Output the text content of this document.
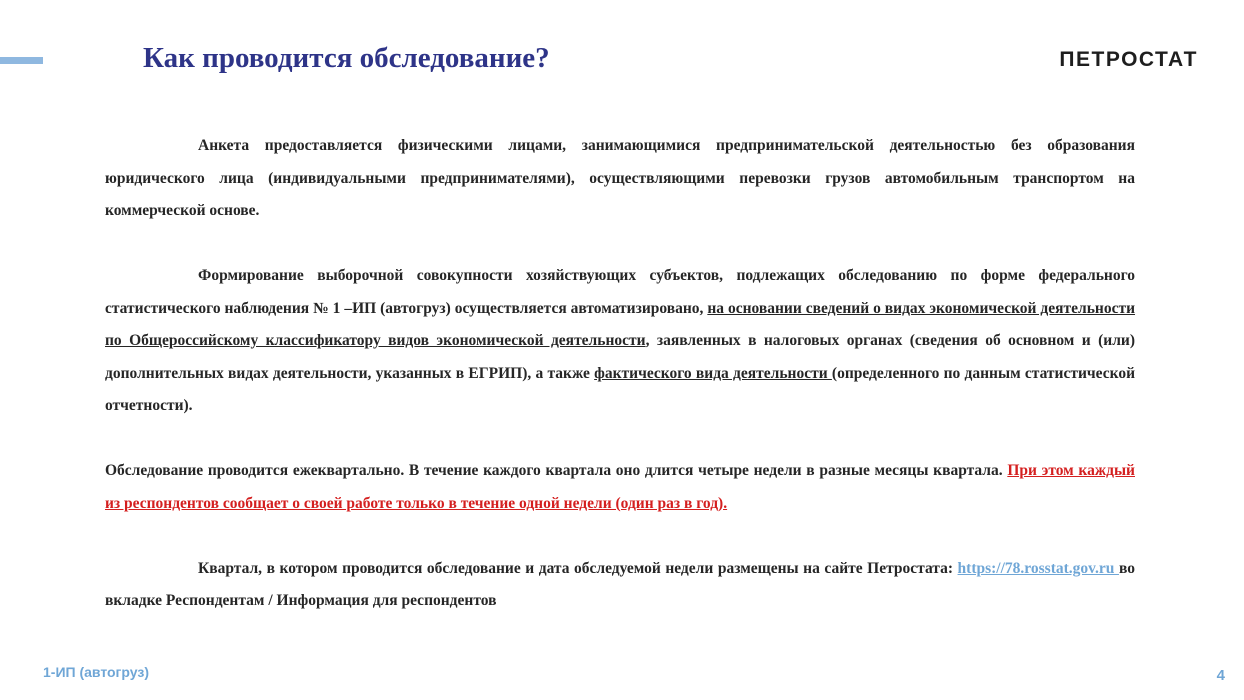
Как проводится обследование?	ПЕТРОСТАТ

Анкета предоставляется физическими лицами, занимающимися предпринимательской деятельностью без образования юридического лица (индивидуальными предпринимателями), осуществляющими перевозки грузов автомобильным транспортом на коммерческой основе.

Формирование выборочной совокупности хозяйствующих субъектов, подлежащих обследованию по форме федерального статистического наблюдения № 1 –ИП (автогруз) осуществляется автоматизировано, на основании сведений о видах экономической деятельности по Общероссийскому классификатору видов экономической деятельности, заявленных в налоговых органах (сведения об основном и (или) дополнительных видах деятельности, указанных в ЕГРИП), а также фактического вида деятельности (определенного по данным статистической отчетности).

Обследование проводится ежеквартально. В течение каждого квартала оно длится четыре недели в разные месяцы квартала. При этом каждый из респондентов сообщает о своей работе только в течение одной недели (один раз в год).

Квартал, в котором проводится обследование и дата обследуемой недели размещены на сайте Петростата: https://78.rosstat.gov.ru во вкладке Респондентам / Информация для респондентов

1-ИП (автогруз)	4
